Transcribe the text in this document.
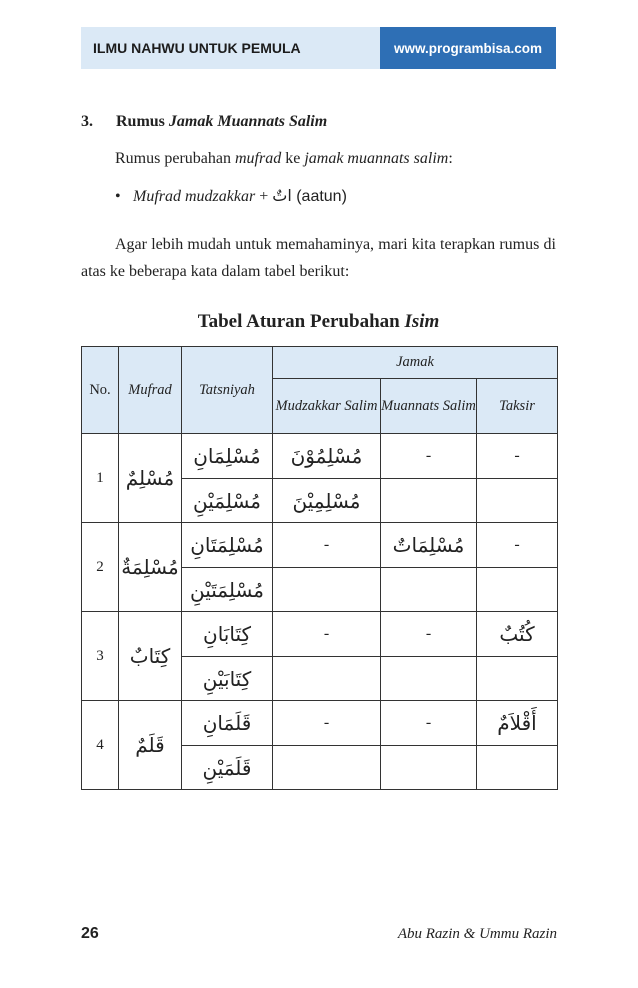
ILMU NAHWU UNTUK PEMULA	www.programbisa.com
3. Rumus Jamak Muannats Salim
Rumus perubahan mufrad ke jamak muannats salim:
• Mufrad mudzakkar + اتٌ (aatun)
Agar lebih mudah untuk memahaminya, mari kita terapkan rumus di atas ke beberapa kata dalam tabel berikut:
Tabel Aturan Perubahan Isim
No.	Mufrad	Tatsniyah	Jamak		
			Mudzakkar Salim	Muannats Salim	Taksir
1	مُسْلِمٌ	مُسْلِمَانِ	مُسْلِمُوْنَ	-	-
		مُسْلِمَيْنِ	مُسْلِمِيْنَ		
2	مُسْلِمَةٌ	مُسْلِمَتَانِ	-	مُسْلِمَاتٌ	-
		مُسْلِمَتَيْنِ			
3	كِتَابٌ	كِتَابَانِ	-	-	كُتُبٌ
		كِتَابَيْنِ			
4	قَلَمٌ	قَلَمَانِ	-	-	أَقْلاَمٌ
		قَلَمَيْنِ			
26	Abu Razin & Ummu Razin
